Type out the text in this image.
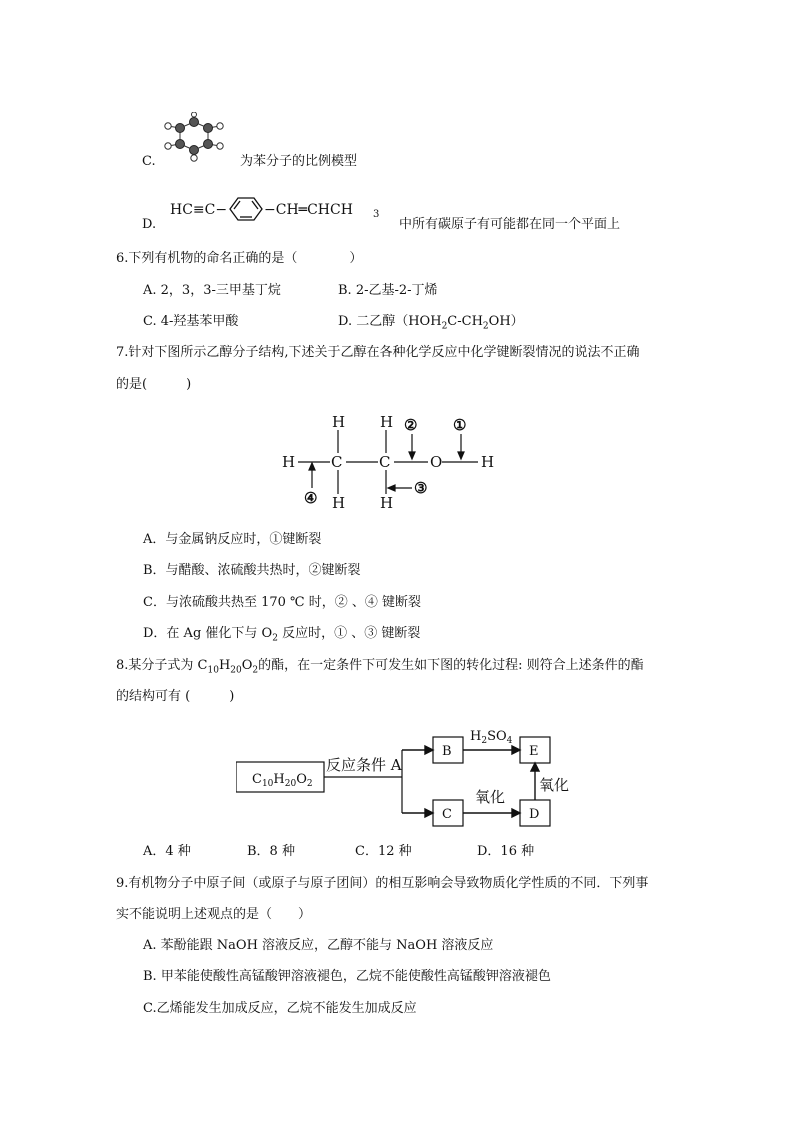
C.	为苯分子的比例模型
D.
HC≡C−	−CH═CHCH 3
中所有碳原子有可能都在同一个平面上
6.下列有机物的命名正确的是（　　　　）
A. 2，3，3-三甲基丁烷	B. 2-乙基-2-丁烯
C. 4-羟基苯甲酸	D. 二乙醇$(HOH_2C-CH_2OH)$
7.针对下图所示乙醇分子结构,下述关于乙醇在各种化学反应中化学键断裂情况的说法不正确
的是(　　　)
H C C	O	H
H
H
H
H
①
②
③
④
A．与金属钠反应时，①键断裂
B．与醋酸、浓硫酸共热时，②键断裂
C．与浓硫酸共热至 170 ℃ 时，② 、④ 键断裂
D．在 Ag 催化下与 $O_2$ 反应时，① 、③ 键断裂
8.某分子式为 $C_{10}H_{20}O_2$的酯，在一定条件下可发生如下图的转化过程: 则符合上述条件的酯
的结构可有 (　　　)
$C_{10}H_{20}O_2$
反应条件 A
B
C
E
D
$H_2SO_4$
氧化
氧化
A．4 种	B．8 种	C．12 种	D．16 种
9.有机物分子中原子间（或原子与原子团间）的相互影响会导致物质化学性质的不同．下列事
实不能说明上述观点的是（　　）
A. 苯酚能跟 NaOH 溶液反应，乙醇不能与 NaOH 溶液反应
B. 甲苯能使酸性高锰酸钾溶液褪色，乙烷不能使酸性高锰酸钾溶液褪色
C.乙烯能发生加成反应，乙烷不能发生加成反应
